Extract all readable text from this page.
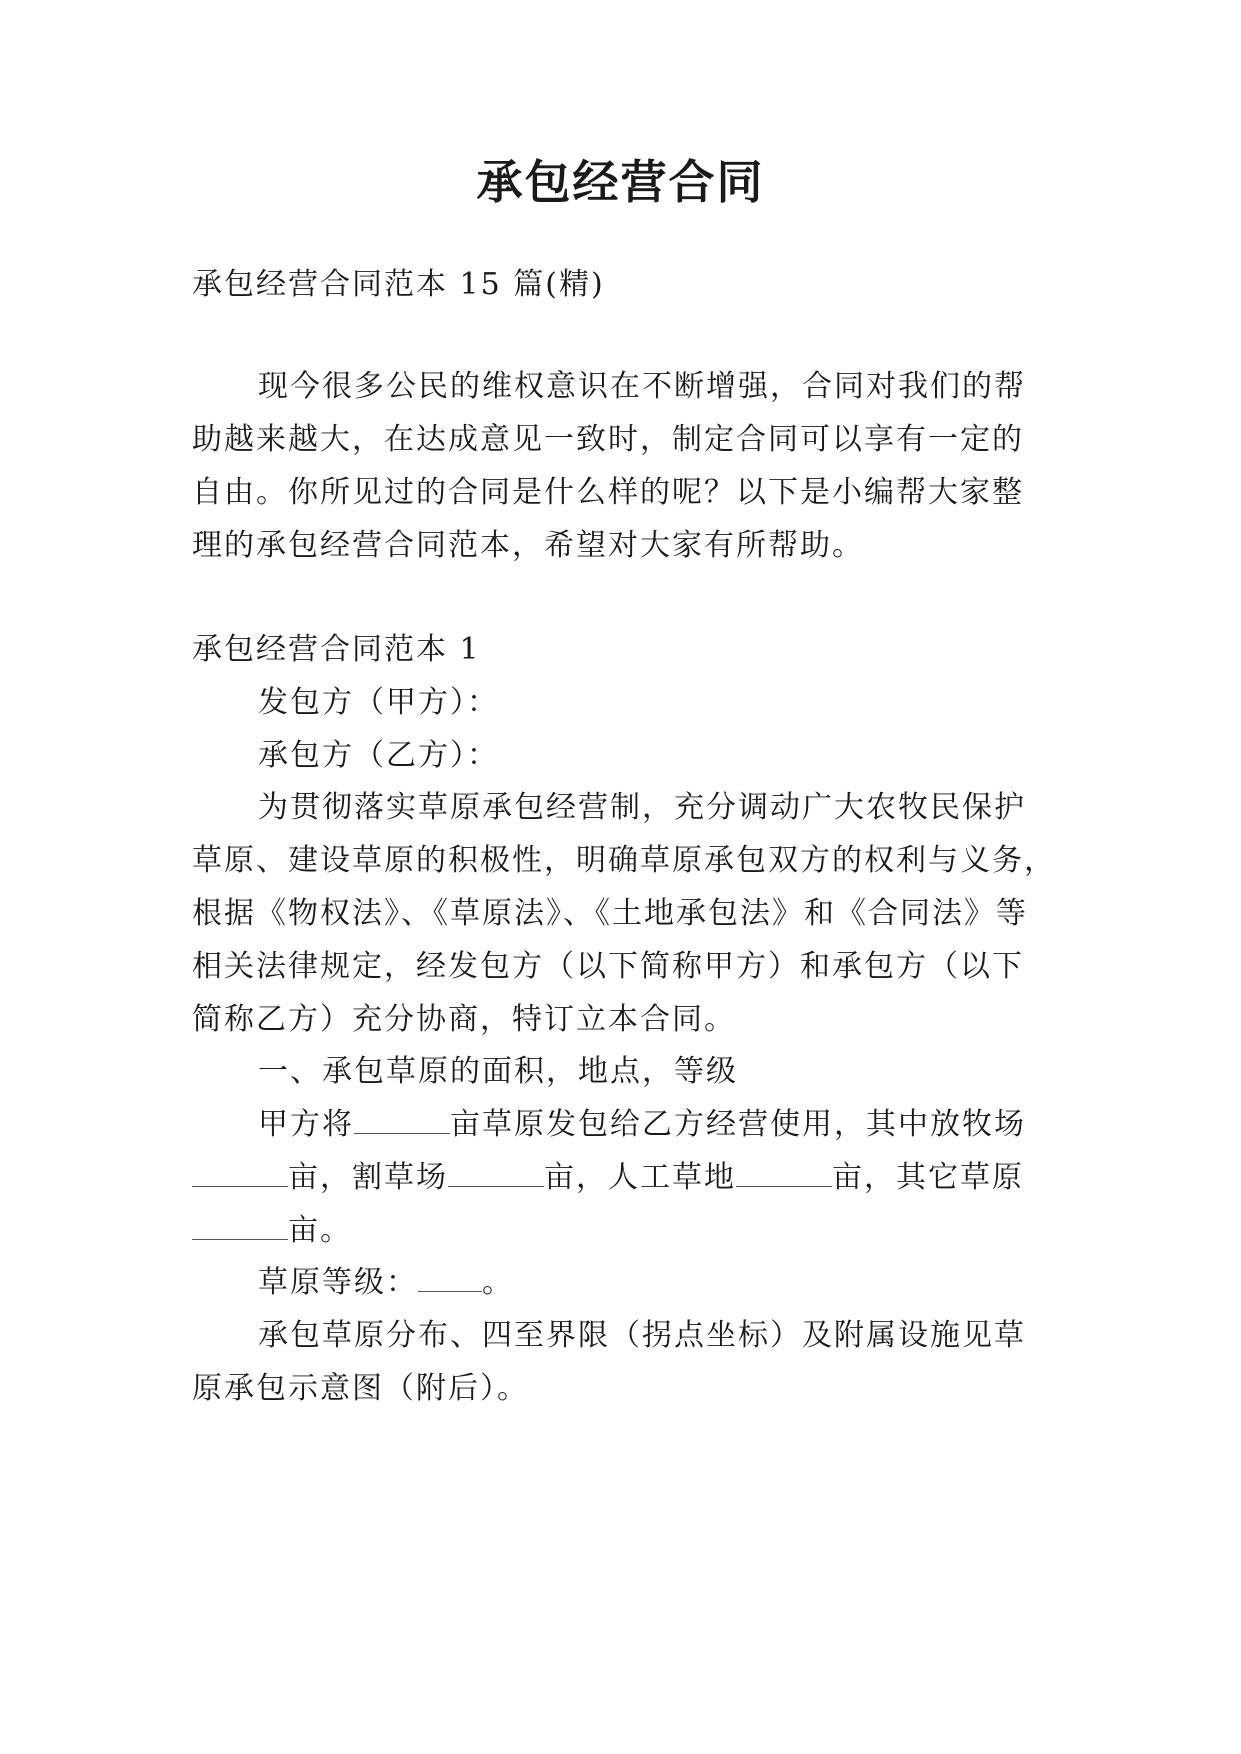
承包经营合同

承包经营合同范本 15 篇(精)

现今很多公民的维权意识在不断增强，合同对我们的帮

助越来越大，在达成意见一致时，制定合同可以享有一定的

自由。你所见过的合同是什么样的呢？以下是小编帮大家整

理的承包经营合同范本，希望对大家有所帮助。

承包经营合同范本 1

发包方（甲方）：

承包方（乙方）：

为贯彻落实草原承包经营制，充分调动广大农牧民保护

草原、建设草原的积极性，明确草原承包双方的权利与义务，

根据《物权法》、《草原法》、《土地承包法》和《合同法》等

相关法律规定，经发包方（以下简称甲方）和承包方（以下

简称乙方）充分协商，特订立本合同。

一、承包草原的面积，地点，等级

甲方将	亩草原发包给乙方经营使用，其中放牧场

亩，割草场	亩，人工草地	亩，其它草原

亩。

草原等级： 。

承包草原分布、四至界限（拐点坐标）及附属设施见草

原承包示意图（附后）。
